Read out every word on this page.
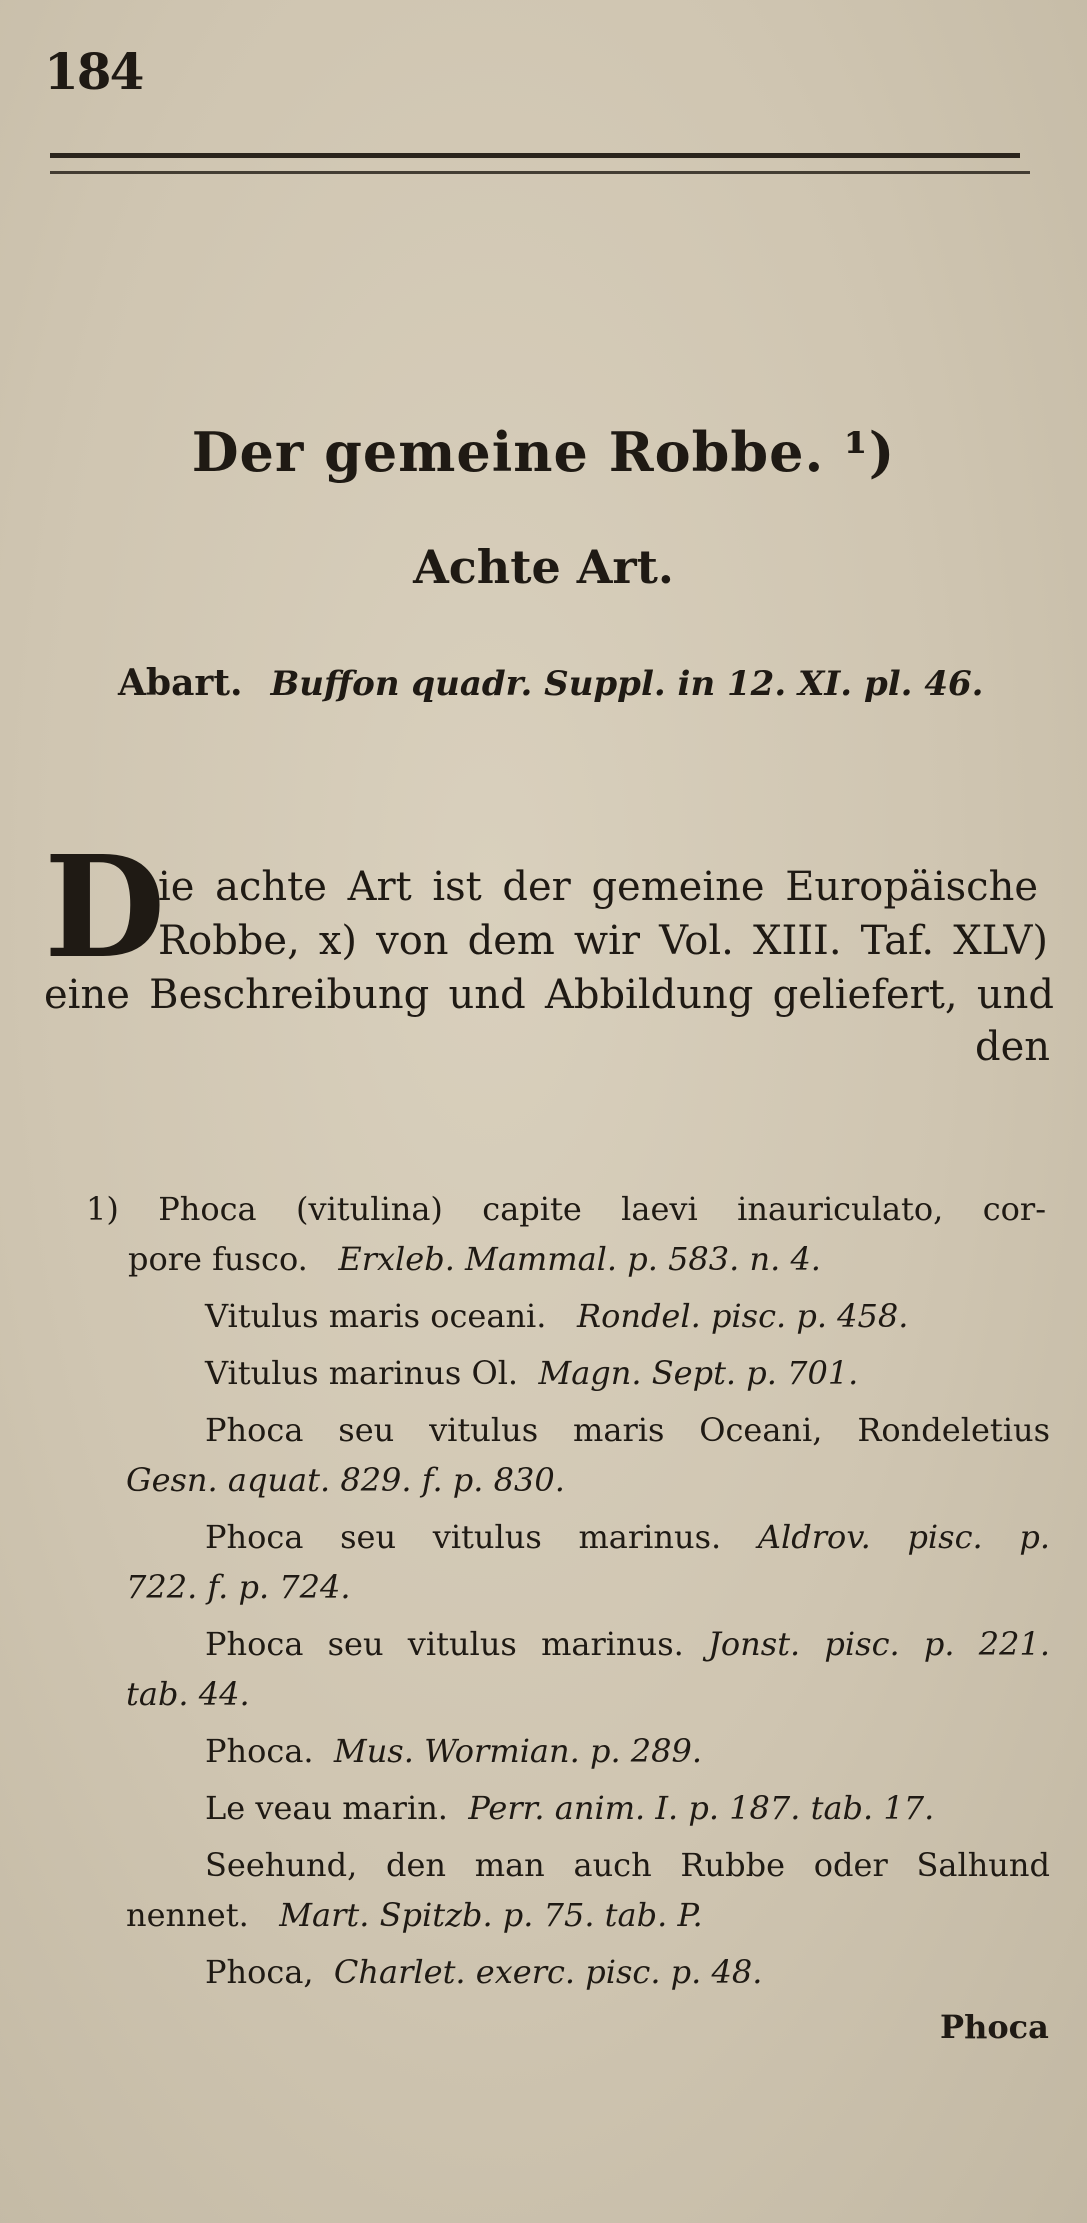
184
Der gemeine Robbe. ¹)
Achte Art.
Abart. Buffon quadr. Suppl. in 12. XI. pl. 46.
D
ie achte Art ist der gemeine Europäische
Robbe, x) von dem wir Vol. XIII. Taf. XLV)
eine Beschreibung und Abbildung geliefert, und
den
1) Phoca (vitulina) capite laevi inauriculato, cor-
pore fusco. Erxleb. Mammal. p. 583. n. 4.
Vitulus maris oceani. Rondel. pisc. p. 458.
Vitulus marinus Ol. Magn. Sept. p. 701.
Phoca seu vitulus maris Oceani, Rondeletius
Gesn. aquat. 829. f. p. 830.
Phoca seu vitulus marinus. Aldrov. pisc. p.
722. f. p. 724.
Phoca seu vitulus marinus. Jonst. pisc. p. 221.
tab. 44.
Phoca. Mus. Wormian. p. 289.
Le veau marin. Perr. anim. I. p. 187. tab. 17.
Seehund, den man auch Rubbe oder Salhund
nennet. Mart. Spitzb. p. 75. tab. P.
Phoca, Charlet. exerc. pisc. p. 48.
Phoca
